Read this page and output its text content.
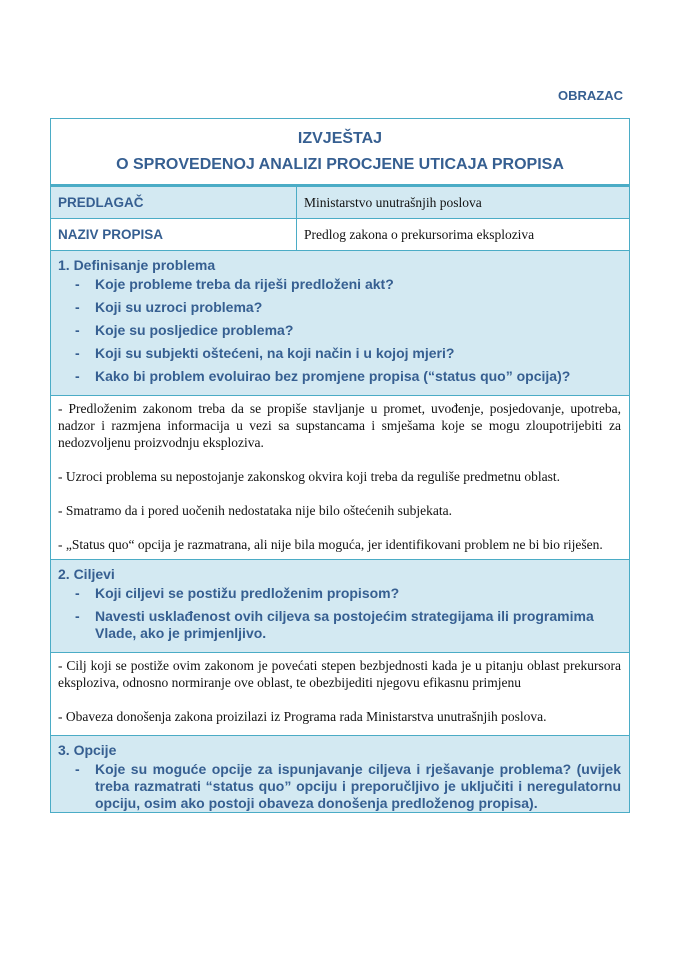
OBRAZAC
IZVJEŠTAJ
O SPROVEDENOJ ANALIZI PROCJENE UTICAJA PROPISA
PREDLAGAČ	Ministarstvo unutrašnjih poslova
NAZIV PROPISA	Predlog zakona o prekursorima eksploziva
1. Definisanje problema
- Koje probleme treba da riješi predloženi akt?
- Koji su uzroci problema?
- Koje su posljedice problema?
- Koji su subjekti oštećeni, na koji način i u kojoj mjeri?
- Kako bi problem evoluirao bez promjene propisa (“status quo” opcija)?

- Predloženim zakonom treba da se propiše stavljanje u promet, uvođenje, posjedovanje, upotreba, nadzor i razmjena informacija u vezi sa supstancama i smješama koje se mogu zloupotrijebiti za nedozvoljenu proizvodnju eksploziva.

- Uzroci problema su nepostojanje zakonskog okvira koji treba da reguliše predmetnu oblast.

- Smatramo da i pored uočenih nedostataka nije bilo oštećenih subjekata.

- „Status quo“ opcija je razmatrana, ali nije bila moguća, jer identifikovani problem ne bi bio riješen.

2. Ciljevi
- Koji ciljevi se postižu predloženim propisom?
- Navesti usklađenost ovih ciljeva sa postojećim strategijama ili programima Vlade, ako je primjenljivo.

- Cilj koji se postiže ovim zakonom je povećati stepen bezbjednosti kada je u pitanju oblast prekursora eksploziva, odnosno normiranje ove oblast, te obezbijediti njegovu efikasnu primjenu

- Obaveza donošenja zakona proizilazi iz Programa rada Ministarstva unutrašnjih poslova.

3. Opcije
- Koje su moguće opcije za ispunjavanje ciljeva i rješavanje problema? (uvijek treba razmatrati “status quo” opciju i preporučljivo je uključiti i neregulatornu opciju, osim ako postoji obaveza donošenja predloženog propisa).
